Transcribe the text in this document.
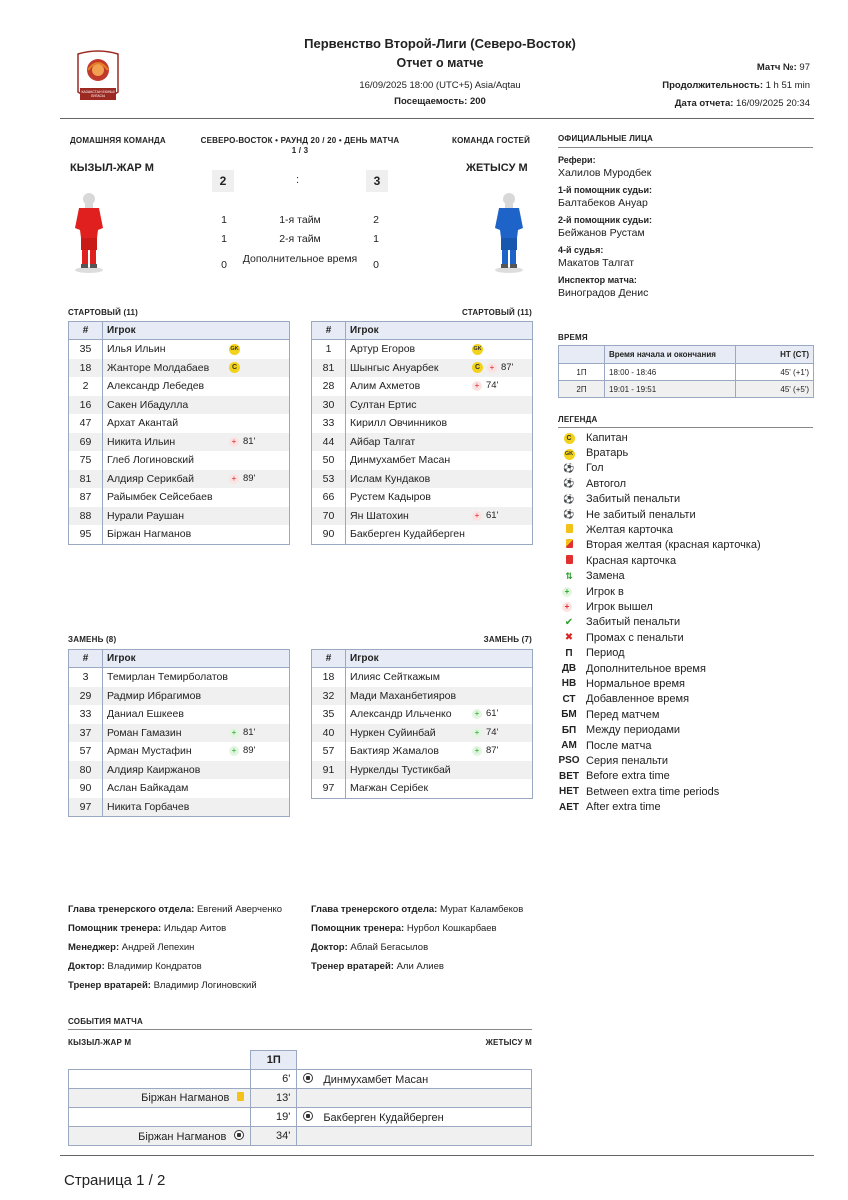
КАЗАКСТАН ЕКІНШІ ЛИГАСЫ
Первенство Второй-Лиги (Северо-Восток)
Отчет о матче
16/09/2025 18:00 (UTC+5) Asia/Aqtau
Посещаемость: 200
Матч №: 97
Продолжительность: 1 h 51 min
Дата отчета: 16/09/2025 20:34
ДОМАШНЯЯ КОМАНДА	КОМАНДА ГОСТЕЙ
СЕВЕРО-ВОСТОК • РАУНД 20 / 20 • ДЕНЬ МАТЧА
1 / 3
КЫЗЫЛ-ЖАР М	ЖЕТЫСУ М
2	:	3
1	1-я тайм	2
1	2-я тайм	1
0	Дополнительное время	0
СТАРТОВЫЙ (11)	СТАРТОВЫЙ (11)
#	Игрок
35	Илья Ильин GK

18	Жанторе Молдабаев C

2	Александр Лебедев

16	Сакен Ибадулла

47	Архат Акантай

69	Никита Ильин + 81'

75	Глеб Логиновский

81	Алдияр Серикбай + 89'

87	Райымбек Сейсебаев

88	Нурали Раушан

95	Біржан Нагманов
#	Игрок
1	Артур Егоров GK

81	Шынгыс Ануарбек C + 87'

28	Алим Ахметов + 74'

30	Султан Ертис

33	Кирилл Овчинников

44	Айбар Талгат

50	Динмухамбет Масан

53	Ислам Кундаков

66	Рустем Кадыров

70	Ян Шатохин + 61'

90	Бакберген Кудайберген
ЗАМЕНЬ (8)	ЗАМЕНЬ (7)
#	Игрок
3	Темирлан Темирболатов

29	Радмир Ибрагимов

33	Даниал Ешкеев

37	Роман Гамазин + 81'

57	Арман Мустафин + 89'

80	Алдияр Каиржанов

90	Аслан Байкадам

97	Никита Горбачев
#	Игрок
18	Илияс Сейткажым

32	Мади Маханбетияров

35	Александр Ильченко + 61'

40	Нуркен Суйинбай + 74'

57	Бактияр Жамалов + 87'

91	Нуркелды Тустикбай

97	Мағжан Серібек
ОФИЦИАЛЬНЫЕ ЛИЦА
Рефери:
Халилов Муродбек
1-й помощник судьи:
Балтабеков Ануар
2-й помощник судьи:
Бейжанов Рустам
4-й судья:
Макатов Талгат
Инспектор матча:
Виноградов Денис
ВРЕМЯ
	Время начала и окончания	HT (CT)
1П	18:00 - 18:46	45' (+1')
2П	19:01 - 19:51	45' (+5')
ЛЕГЕНДА
C	Капитан
GK	Вратарь
⚽	Гол
⚽	Автогол
⚽	Забитый пенальти
⚽	Не забитый пенальти
Желтая карточка
Вторая желтая (красная карточка)
Красная карточка
⇅	Замена
+	Игрок в
+	Игрок вышел
✔	Забитый пенальти
✖	Промах с пенальти
П	Период
ДВ Дополнительное время
НВ Нормальное время
СТ Добавленное время
БМ Перед матчем
БП Между периодами
АМ После матча
PSO Серия пенальти
BET Before extra time
HET Between extra time periods
AET After extra time
Глава тренерского отдела: Евгений Аверченко
Помощник тренера: Ильдар Аитов
Менеджер: Андрей Лепехин
Доктор: Владимир Кондратов
Тренер вратарей: Владимир Логиновский
Глава тренерского отдела: Мурат Каламбеков
Помощник тренера: Нурбол Кошкарбаев
Доктор: Аблай Бегасылов
Тренер вратарей: Али Алиев
СОБЫТИЯ МАТЧА
КЫЗЫЛ-ЖАР М	ЖЕТЫСУ М
	1П	
	6'	Динмухамбет Масан
Біржан Нагманов	13'	
	19'	Бакберген Кудайберген
Біржан Нагманов	34'	
Страница 1 / 2
